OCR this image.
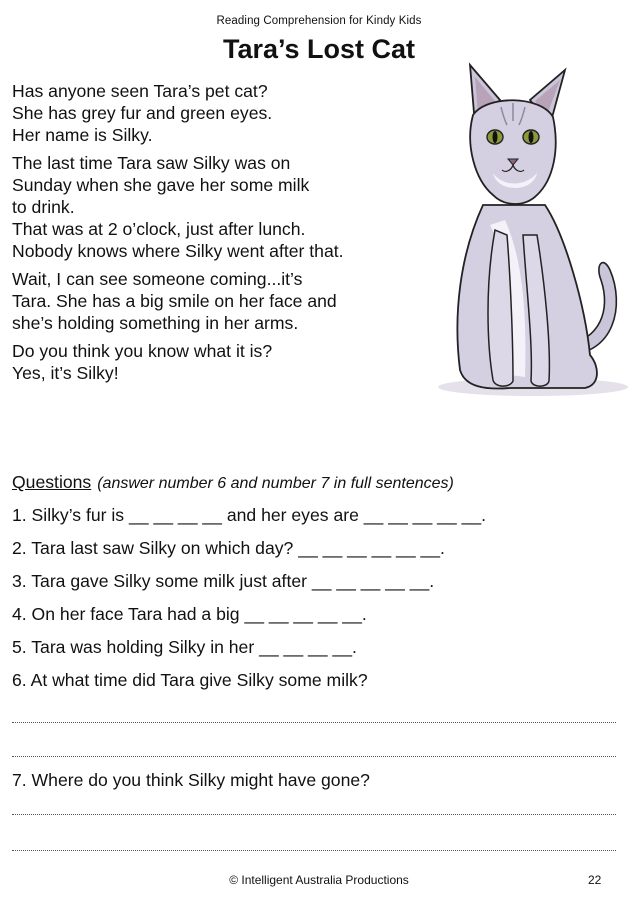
Reading Comprehension for Kindy Kids
Tara’s Lost Cat

Has anyone seen Tara’s pet cat?
She has grey fur and green eyes.
Her name is Silky.

The last time Tara saw Silky was on
Sunday when she gave her some milk
to drink.
That was at 2 o’clock, just after lunch.
Nobody knows where Silky went after that.

Wait, I can see someone coming...it’s
Tara. She has a big smile on her face and
she’s holding something in her arms.

Do you think you know what it is?
Yes, it’s Silky!

Questions (answer number 6 and number 7 in full sentences)
1. Silky’s fur is __ __ __ __ and her eyes are __ __ __ __ __.
2. Tara last saw Silky on which day? __ __ __ __ __ __.
3. Tara gave Silky some milk just after __ __ __ __ __.
4. On her face Tara had a big __ __ __ __ __.
5. Tara was holding Silky in her __ __ __ __.
6. At what time did Tara give Silky some milk?
7. Where do you think Silky might have gone?
© Intelligent Australia Productions	22
